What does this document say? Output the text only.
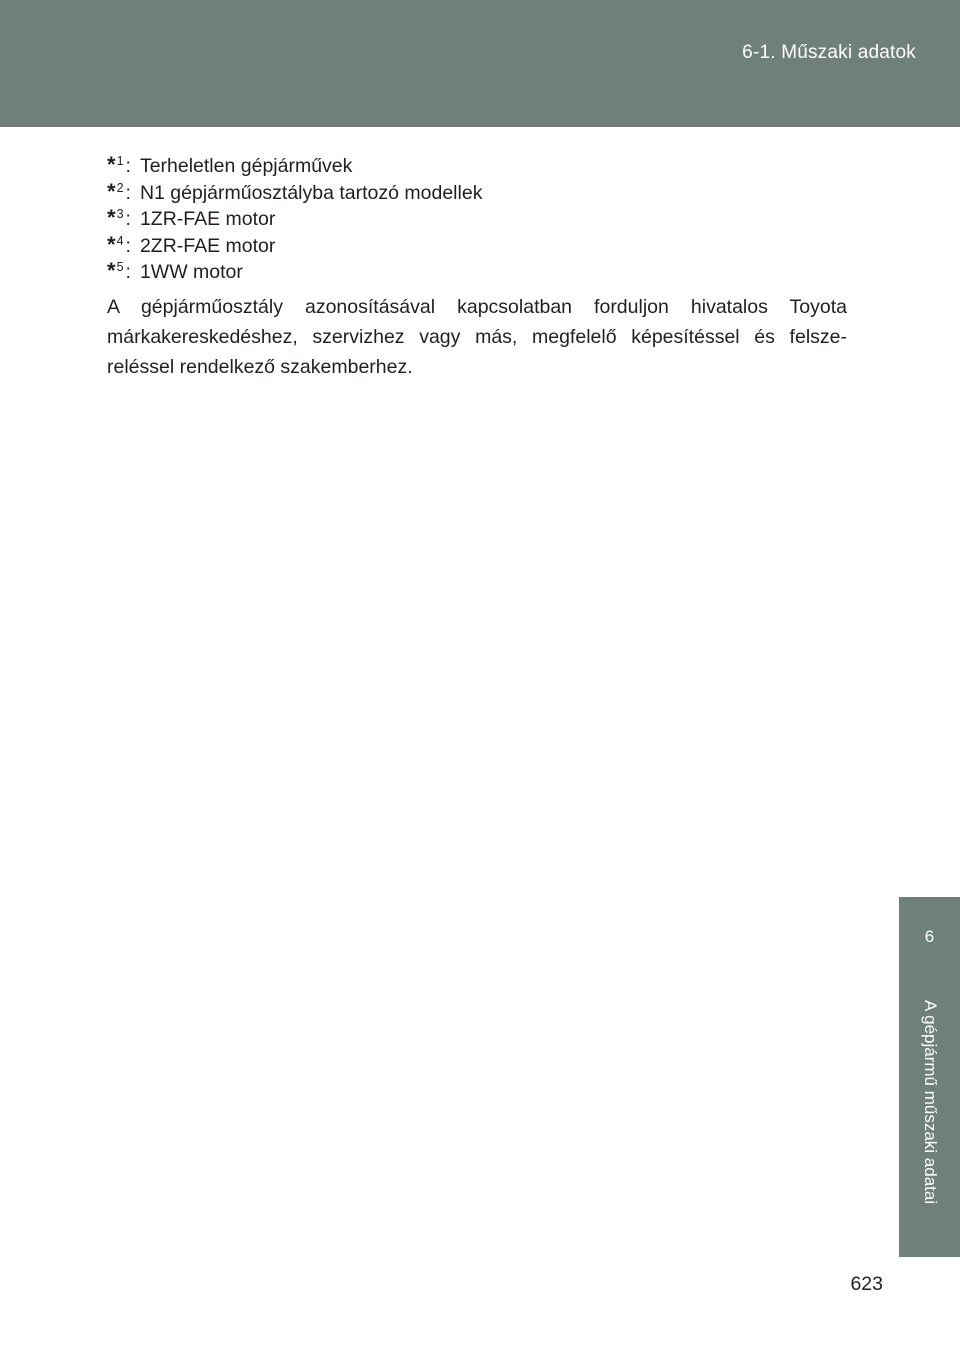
6-1. Műszaki adatok
* 1 : Terheletlen gépjárművek
* 2 : N1 gépjárműosztályba tartozó modellek
* 3 : 1ZR-FAE motor
* 4 : 2ZR-FAE motor
* 5 : 1WW motor

A gépjárműosztály azonosításával kapcsolatban forduljon hivatalos Toyota márkakereskedéshez, szervizhez vagy más, megfelelő képesítéssel és felsze-reléssel rendelkező szakemberhez.

6
A gépjármű műszaki adatai
623
